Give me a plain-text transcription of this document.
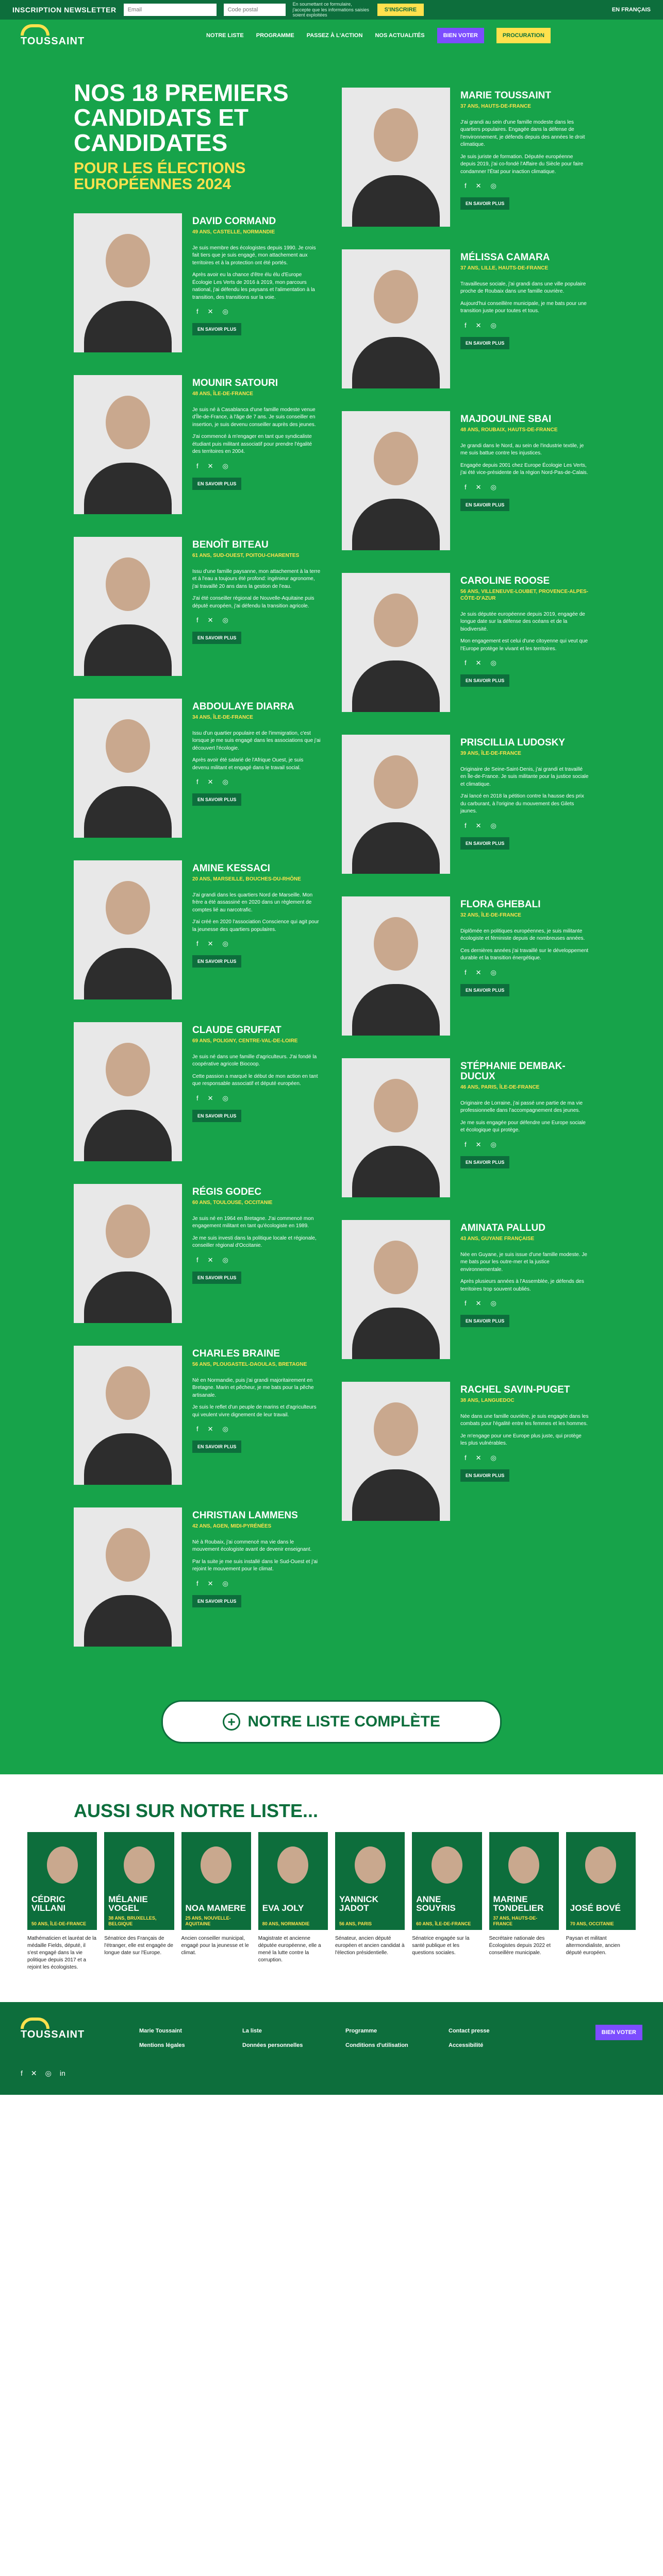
INSCRIPTION NEWSLETTER
Email
Code postal
En soumettant ce formulaire, j'accepte que les informations saisies soient exploitées
S'INSCRIRE	EN FRANÇAIS
TOUSSAINT	NOTRE LISTE PROGRAMME PASSEZ À L'ACTION NOS ACTUALITÉS	BIEN VOTER	PROCURATION
NOS 18 PREMIERS CANDIDATS ET CANDIDATES
POUR LES ÉLECTIONS EUROPÉENNES 2024
DAVID CORMAND
49 ANS, CASTELLE, NORMANDIE

Je suis membre des écologistes depuis 1990. Je crois fait tiers que je suis engagé, mon attachement aux territoires et à la protection ont été portés.

Après avoir eu la chance d'être élu élu d'Europe Écologie Les Verts de 2016 à 2019, mon parcours national, j'ai défendu les paysans et l'alimentation à la transition, des transitions sur la voie.

f ✕ ◎
EN SAVOIR PLUS
MOUNIR SATOURI
48 ANS, ÎLE-DE-FRANCE

Je suis né à Casablanca d'une famille modeste venue d'Île-de-France, à l'âge de 7 ans. Je suis conseiller en insertion, je suis devenu conseiller auprès des jeunes.

J'ai commencé à m'engager en tant que syndicaliste étudiant puis militant associatif pour prendre l'égalité des territoires en 2004.

f ✕ ◎
EN SAVOIR PLUS
BENOÎT BITEAU
61 ANS, SUD-OUEST, POITOU-CHARENTES

Issu d'une famille paysanne, mon attachement à la terre et à l'eau a toujours été profond: ingénieur agronome, j'ai travaillé 20 ans dans la gestion de l'eau.

J'ai été conseiller régional de Nouvelle-Aquitaine puis député européen, j'ai défendu la transition agricole.

f ✕ ◎
EN SAVOIR PLUS
ABDOULAYE DIARRA
34 ANS, ÎLE-DE-FRANCE

Issu d'un quartier populaire et de l'immigration, c'est lorsque je me suis engagé dans les associations que j'ai découvert l'écologie.

Après avoir été salarié de l'Afrique Ouest, je suis devenu militant et engagé dans le travail social.

f ✕ ◎
EN SAVOIR PLUS
AMINE KESSACI
20 ANS, MARSEILLE, BOUCHES-DU-RHÔNE

J'ai grandi dans les quartiers Nord de Marseille. Mon frère a été assassiné en 2020 dans un règlement de comptes lié au narcotrafic.

J'ai créé en 2020 l'association Conscience qui agit pour la jeunesse des quartiers populaires.

f ✕ ◎
EN SAVOIR PLUS
CLAUDE GRUFFAT
69 ANS, POLIGNY, CENTRE-VAL-DE-LOIRE

Je suis né dans une famille d'agriculteurs. J'ai fondé la coopérative agricole Biocoop.

Cette passion a marqué le début de mon action en tant que responsable associatif et député européen.

f ✕ ◎
EN SAVOIR PLUS
RÉGIS GODEC
60 ANS, TOULOUSE, OCCITANIE

Je suis né en 1964 en Bretagne. J'ai commencé mon engagement militant en tant qu'écologiste en 1989.

Je me suis investi dans la politique locale et régionale, conseiller régional d'Occitanie.

f ✕ ◎
EN SAVOIR PLUS
CHARLES BRAINE
56 ANS, PLOUGASTEL-DAOULAS, BRETAGNE

Né en Normandie, puis j'ai grandi majoritairement en Bretagne. Marin et pêcheur, je me bats pour la pêche artisanale.

Je suis le reflet d'un peuple de marins et d'agriculteurs qui veulent vivre dignement de leur travail.

f ✕ ◎
EN SAVOIR PLUS
CHRISTIAN LAMMENS
42 ANS, AGEN, MIDI-PYRÉNÉES

Né à Roubaix, j'ai commencé ma vie dans le mouvement écologiste avant de devenir enseignant.

Par la suite je me suis installé dans le Sud-Ouest et j'ai rejoint le mouvement pour le climat.

f ✕ ◎
EN SAVOIR PLUS
MARIE TOUSSAINT
37 ANS, HAUTS-DE-FRANCE

J'ai grandi au sein d'une famille modeste dans les quartiers populaires. Engagée dans la défense de l'environnement, je défends depuis des années le droit climatique.

Je suis juriste de formation. Députée européenne depuis 2019, j'ai co-fondé l'Affaire du Siècle pour faire condamner l'État pour inaction climatique.

f ✕ ◎
EN SAVOIR PLUS
MÉLISSA CAMARA
37 ANS, LILLE, HAUTS-DE-FRANCE

Travailleuse sociale, j'ai grandi dans une ville populaire proche de Roubaix dans une famille ouvrière.

Aujourd'hui conseillère municipale, je me bats pour une transition juste pour toutes et tous.

f ✕ ◎
EN SAVOIR PLUS
MAJDOULINE SBAI
48 ANS, ROUBAIX, HAUTS-DE-FRANCE

Je grandi dans le Nord, au sein de l'industrie textile, je me suis battue contre les injustices.

Engagée depuis 2001 chez Europe Écologie Les Verts, j'ai été vice-présidente de la région Nord-Pas-de-Calais.

f ✕ ◎
EN SAVOIR PLUS
CAROLINE ROOSE
56 ANS, VILLENEUVE-LOUBET, PROVENCE-ALPES-CÔTE-D'AZUR

Je suis députée européenne depuis 2019, engagée de longue date sur la défense des océans et de la biodiversité.

Mon engagement est celui d'une citoyenne qui veut que l'Europe protège le vivant et les territoires.

f ✕ ◎
EN SAVOIR PLUS
PRISCILLIA LUDOSKY
39 ANS, ÎLE-DE-FRANCE

Originaire de Seine-Saint-Denis, j'ai grandi et travaillé en Île-de-France. Je suis militante pour la justice sociale et climatique.

J'ai lancé en 2018 la pétition contre la hausse des prix du carburant, à l'origine du mouvement des Gilets jaunes.

f ✕ ◎
EN SAVOIR PLUS
FLORA GHEBALI
32 ANS, ÎLE-DE-FRANCE

Diplômée en politiques européennes, je suis militante écologiste et féministe depuis de nombreuses années.

Ces dernières années j'ai travaillé sur le développement durable et la transition énergétique.

f ✕ ◎
EN SAVOIR PLUS
STÉPHANIE DEMBAK-DUCUX
46 ANS, PARIS, ÎLE-DE-FRANCE

Originaire de Lorraine, j'ai passé une partie de ma vie professionnelle dans l'accompagnement des jeunes.

Je me suis engagée pour défendre une Europe sociale et écologique qui protège.

f ✕ ◎
EN SAVOIR PLUS
AMINATA PALLUD
43 ANS, GUYANE FRANÇAISE

Née en Guyane, je suis issue d'une famille modeste. Je me bats pour les outre-mer et la justice environnementale.

Après plusieurs années à l'Assemblée, je défends des territoires trop souvent oubliés.

f ✕ ◎
EN SAVOIR PLUS
RACHEL SAVIN-PUGET
38 ANS, LANGUEDOC

Née dans une famille ouvrière, je suis engagée dans les combats pour l'égalité entre les femmes et les hommes.

Je m'engage pour une Europe plus juste, qui protège les plus vulnérables.

f ✕ ◎
EN SAVOIR PLUS
+ NOTRE LISTE COMPLÈTE
AUSSI SUR NOTRE LISTE...
CÉDRIC VILLANI
50 ANS, ÎLE-DE-FRANCE
Mathématicien et lauréat de la médaille Fields, député, il s'est engagé dans la vie politique depuis 2017 et a rejoint les écologistes.
MÉLANIE VOGEL
38 ANS, BRUXELLES, BELGIQUE
Sénatrice des Français de l'étranger, elle est engagée de longue date sur l'Europe.
NOA MAMERE
25 ANS, NOUVELLE-AQUITAINE
Ancien conseiller municipal, engagé pour la jeunesse et le climat.
EVA JOLY
80 ANS, NORMANDIE
Magistrate et ancienne députée européenne, elle a mené la lutte contre la corruption.
YANNICK JADOT
56 ANS, PARIS
Sénateur, ancien député européen et ancien candidat à l'élection présidentielle.
ANNE SOUYRIS
60 ANS, ÎLE-DE-FRANCE
Sénatrice engagée sur la santé publique et les questions sociales.
MARINE TONDELIER
37 ANS, HAUTS-DE-FRANCE
Secrétaire nationale des Écologistes depuis 2022 et conseillère municipale.
JOSÉ BOVÉ
70 ANS, OCCITANIE
Paysan et militant altermondialiste, ancien député européen.
TOUSSAINT	Marie Toussaint	La liste	Programme	Contact presse
Mentions légales	Données personnelles	Conditions d'utilisation	Accessibilité
BIEN VOTER
f ✕ ◎ in
